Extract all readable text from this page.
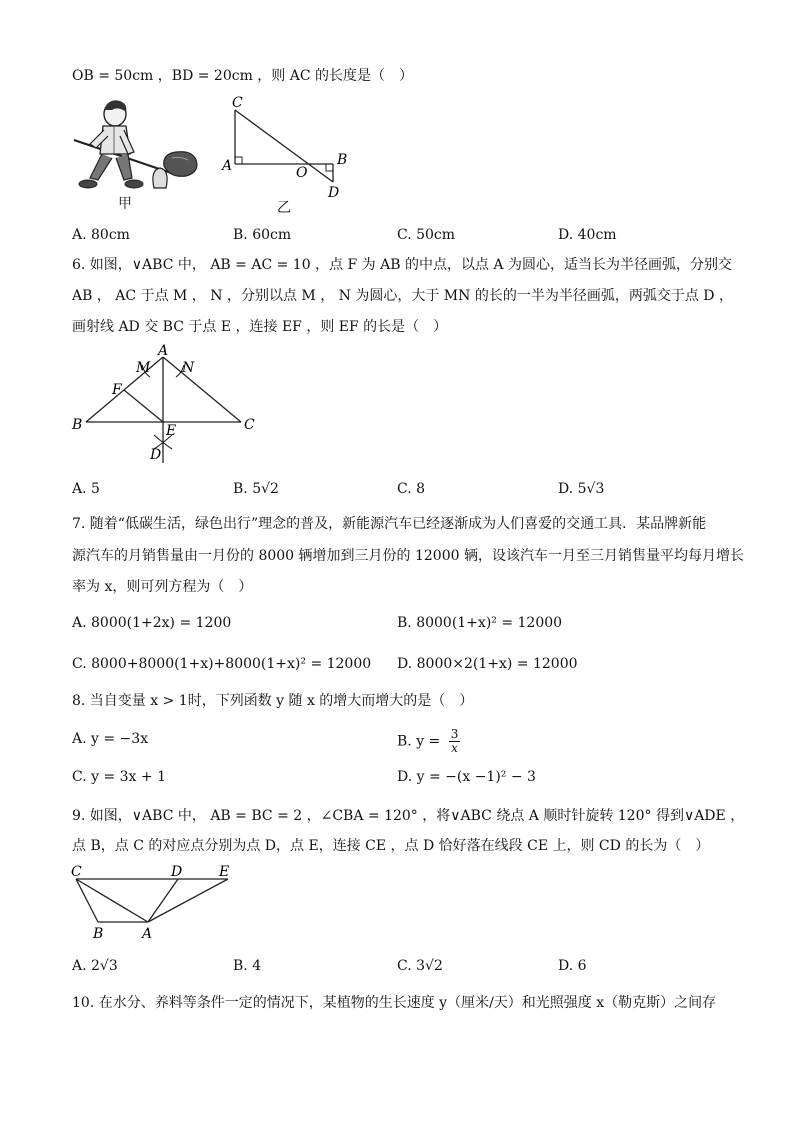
OB = 50cm ，BD = 20cm ，则 AC 的长度是（　）
甲
C
A	O
B
D
乙
A. 80cm	B. 60cm	C. 50cm	D. 40cm
6. 如图，∨ABC 中， AB = AC = 10 ，点 F 为 AB 的中点，以点 A 为圆心，适当长为半径画弧，分别交
AB ， AC 于点 M ， N ，分别以点 M ， N 为圆心，大于 MN 的长的一半为半径画弧，两弧交于点 D ，
画射线 AD 交 BC 于点 E ，连接 EF ，则 EF 的长是（　）
A
M N
F
B	C
E
D
A. 5	B. 5√2	C. 8	D. 5√3
7. 随着“低碳生活，绿色出行”理念的普及，新能源汽车已经逐渐成为人们喜爱的交通工具．某品牌新能
源汽车的月销售量由一月份的 8000 辆增加到三月份的 12000 辆，设该汽车一月至三月销售量平均每月增长
率为 x，则可列方程为（　）
A. 8000(1+2x) = 1200	B. 8000(1+x)² = 12000
C. 8000+8000(1+x)+8000(1+x)² = 12000 D. 8000×2(1+x) = 12000
8. 当自变量 x > 1时，下列函数 y 随 x 的增大而增大的是（　）
A. y = −3x	B. $y = \frac{3}{x}$
C. y = 3x + 1	D. y = −(x −1)² − 3
9. 如图，∨ABC 中， AB = BC = 2 ，∠CBA = 120° ，将∨ABC 绕点 A 顺时针旋转 120° 得到∨ADE ，
点 B，点 C 的对应点分别为点 D，点 E，连接 CE ，点 D 恰好落在线段 CE 上，则 CD 的长为（　）
C	D	E
B	A
A. 2√3	B. 4	C. 3√2	D. 6
10. 在水分、养料等条件一定的情况下，某植物的生长速度 y（厘米/天）和光照强度 x（勒克斯）之间存
